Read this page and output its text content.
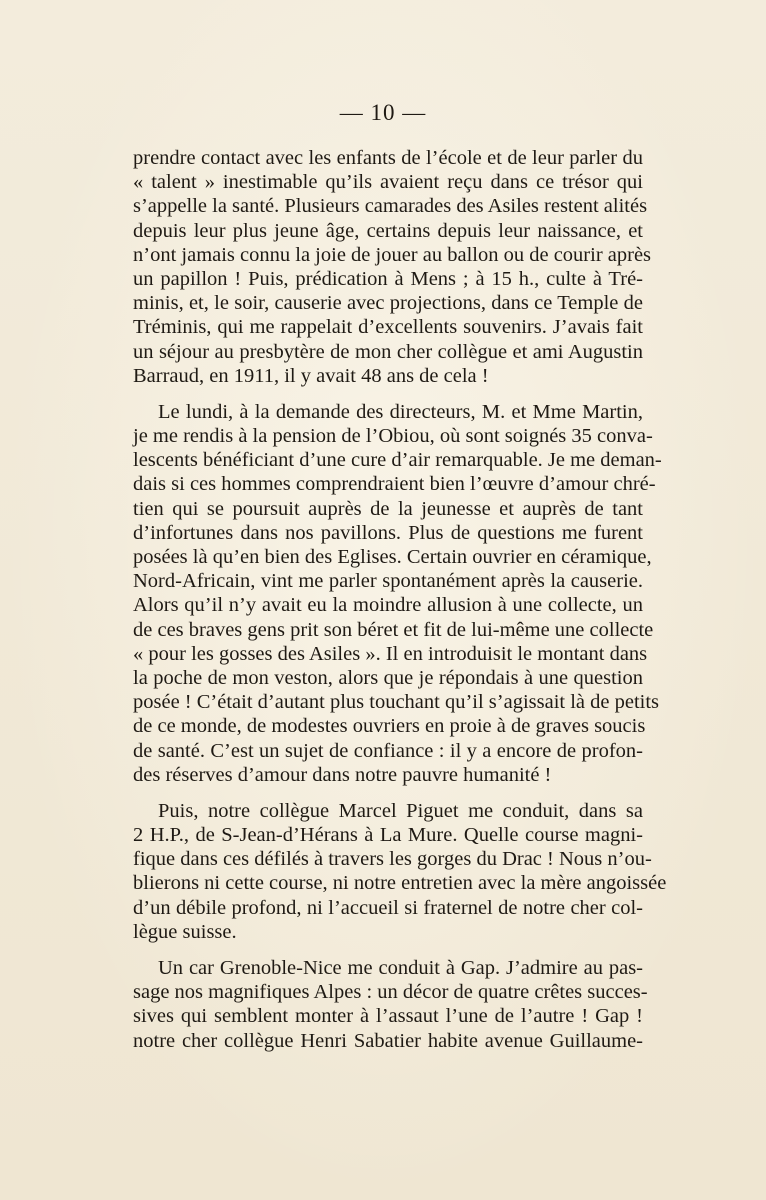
— 10 —
prendre contact avec les enfants de l’école et de leur parler du
« talent » inestimable qu’ils avaient reçu dans ce trésor qui
s’appelle la santé. Plusieurs camarades des Asiles restent alités
depuis leur plus jeune âge, certains depuis leur naissance, et
n’ont jamais connu la joie de jouer au ballon ou de courir après
un papillon ! Puis, prédication à Mens ; à 15 h., culte à Tré-
minis, et, le soir, causerie avec projections, dans ce Temple de
Tréminis, qui me rappelait d’excellents souvenirs. J’avais fait
un séjour au presbytère de mon cher collègue et ami Augustin
Barraud, en 1911, il y avait 48 ans de cela !
Le lundi, à la demande des directeurs, M. et Mme Martin,
je me rendis à la pension de l’Obiou, où sont soignés 35 conva-
lescents bénéficiant d’une cure d’air remarquable. Je me deman-
dais si ces hommes comprendraient bien l’œuvre d’amour chré-
tien qui se poursuit auprès de la jeunesse et auprès de tant
d’infortunes dans nos pavillons. Plus de questions me furent
posées là qu’en bien des Eglises. Certain ouvrier en céramique,
Nord-Africain, vint me parler spontanément après la causerie.
Alors qu’il n’y avait eu la moindre allusion à une collecte, un
de ces braves gens prit son béret et fit de lui-même une collecte
« pour les gosses des Asiles ». Il en introduisit le montant dans
la poche de mon veston, alors que je répondais à une question
posée ! C’était d’autant plus touchant qu’il s’agissait là de petits
de ce monde, de modestes ouvriers en proie à de graves soucis
de santé. C’est un sujet de confiance : il y a encore de profon-
des réserves d’amour dans notre pauvre humanité !
Puis, notre collègue Marcel Piguet me conduit, dans sa
2 H.P., de S-Jean-d’Hérans à La Mure. Quelle course magni-
fique dans ces défilés à travers les gorges du Drac ! Nous n’ou-
blierons ni cette course, ni notre entretien avec la mère angoissée
d’un débile profond, ni l’accueil si fraternel de notre cher col-
lègue suisse.
Un car Grenoble-Nice me conduit à Gap. J’admire au pas-
sage nos magnifiques Alpes : un décor de quatre crêtes succes-
sives qui semblent monter à l’assaut l’une de l’autre ! Gap !
notre cher collègue Henri Sabatier habite avenue Guillaume-
